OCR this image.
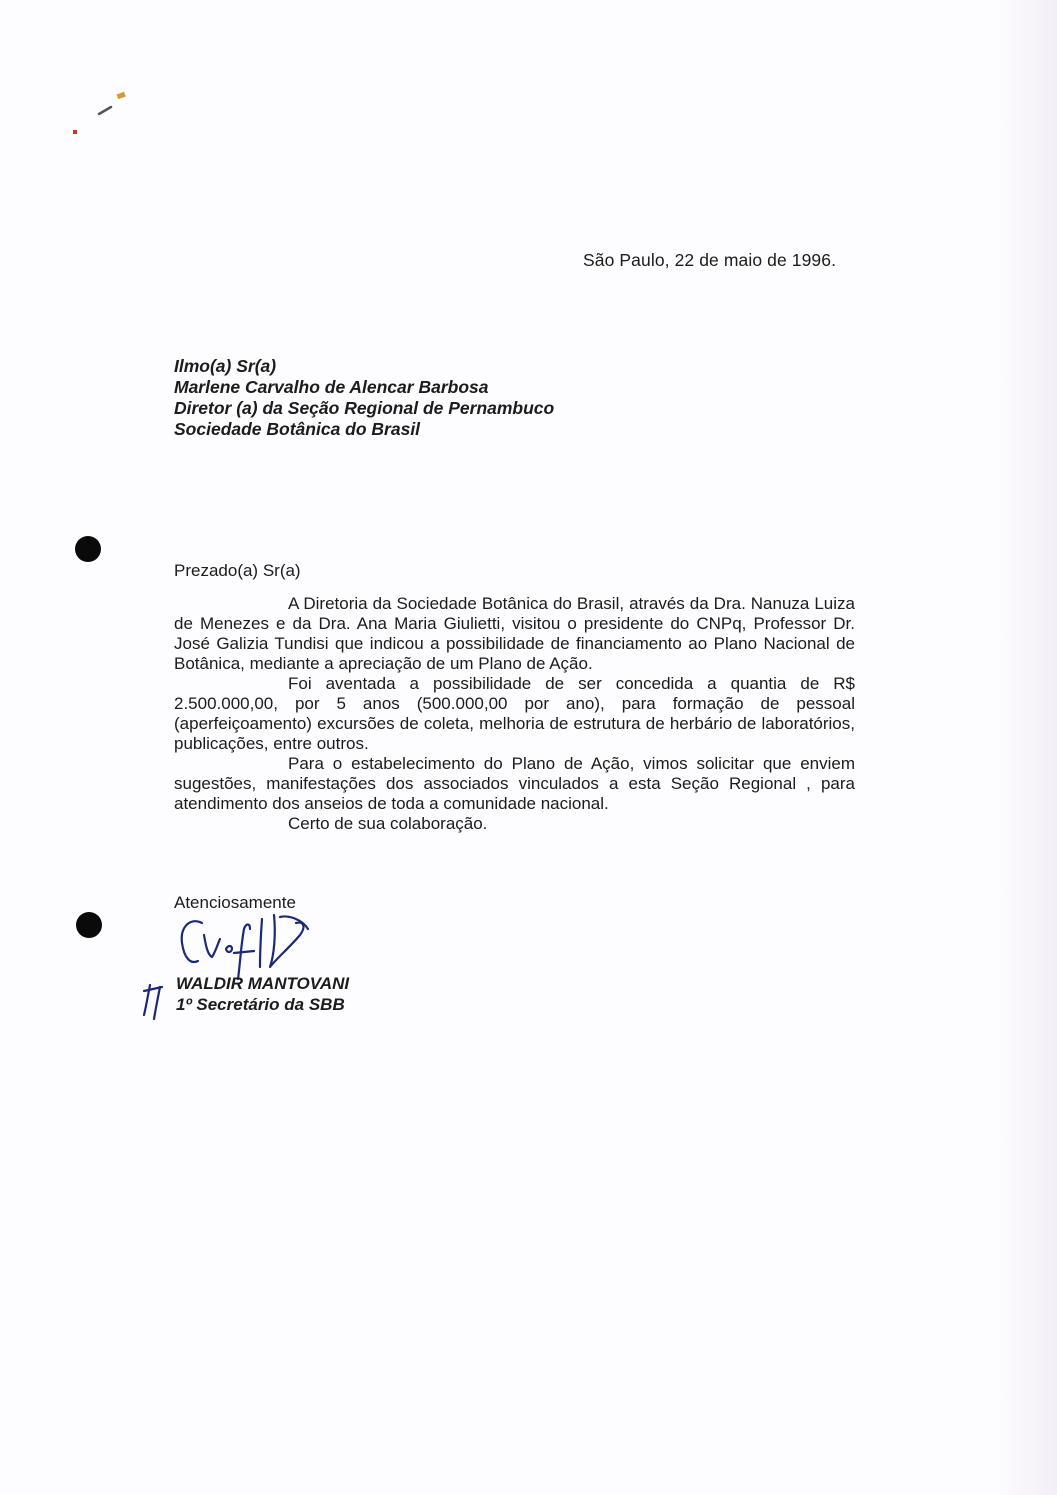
São Paulo, 22 de maio de 1996.
Ilmo(a) Sr(a)
Marlene Carvalho de Alencar Barbosa
Diretor (a) da Seção Regional de Pernambuco
Sociedade Botânica do Brasil
Prezado(a) Sr(a)

A Diretoria da Sociedade Botânica do Brasil, através da Dra. Nanuza Luiza de Menezes e da Dra. Ana Maria Giulietti, visitou o presidente do CNPq, Professor Dr. José Galizia Tundisi que indicou a possibilidade de financiamento ao Plano Nacional de Botânica, mediante a apreciação de um Plano de Ação.

Foi aventada a possibilidade de ser concedida a quantia de R$ 2.500.000,00, por 5 anos (500.000,00 por ano), para formação de pessoal (aperfeiçoamento) excursões de coleta, melhoria de estrutura de herbário de laboratórios, publicações, entre outros.

Para o estabelecimento do Plano de Ação, vimos solicitar que enviem sugestões, manifestações dos associados vinculados a esta Seção Regional , para atendimento dos anseios de toda a comunidade nacional.

Certo de sua colaboração.

Atenciosamente
WALDIR MANTOVANI
1º Secretário da SBB
